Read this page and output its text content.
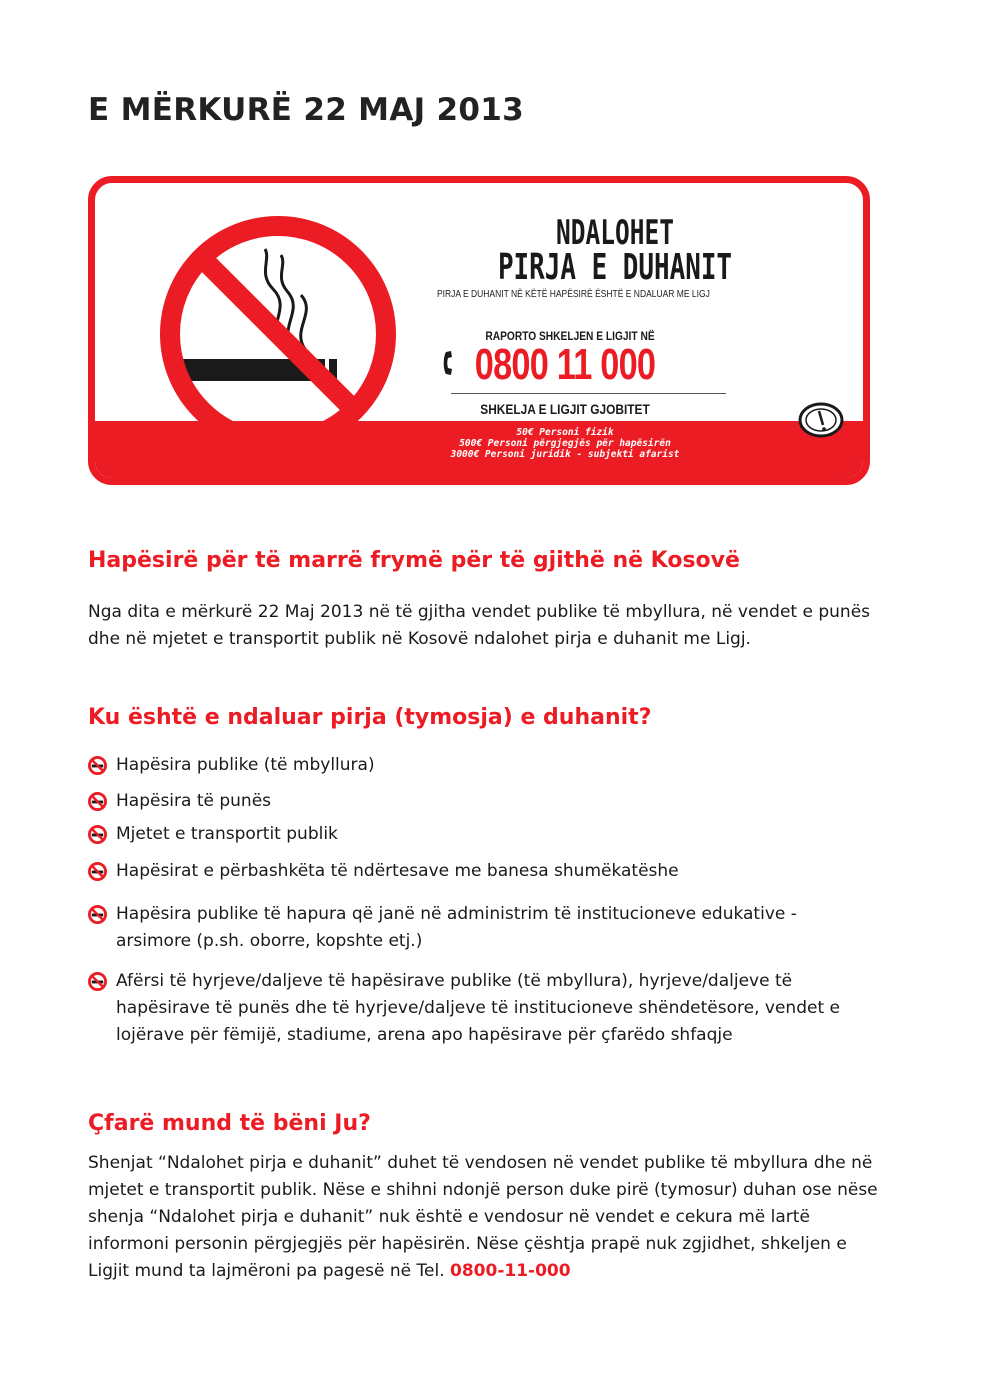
E MËRKURË 22 MAJ 2013
NDALOHET
PIRJA E DUHANIT
PIRJA E DUHANIT NË KËTË HAPËSIRË ËSHTË E NDALUAR ME LIGJ
RAPORTO SHKELJEN E LIGJIT NË
0800 11 000
SHKELJA E LIGJIT GJOBITET
50€ Personi fizik
500€ Personi përgjegjës për hapësirën
3000€ Personi juridik - subjekti afarist
Hapësirë për të marrë frymë për të gjithë në Kosovë
Nga dita e mërkurë 22 Maj 2013 në të gjitha vendet publike të mbyllura, në vendet e punës dhe në mjetet e transportit publik në Kosovë ndalohet pirja e duhanit me Ligj.
Ku është e ndaluar pirja (tymosja) e duhanit?
Hapësira publike (të mbyllura)
Hapësira të punës
Mjetet e transportit publik
Hapësirat e përbashkëta të ndërtesave me banesa shumëkatëshe
Hapësira publike të hapura që janë në administrim të institucioneve edukative - arsimore (p.sh. oborre, kopshte etj.)
Afërsi të hyrjeve/daljeve të hapësirave publike (të mbyllura), hyrjeve/daljeve të hapësirave të punës dhe të hyrjeve/daljeve të institucioneve shëndetësore, vendet e lojërave për fëmijë, stadiume, arena apo hapësirave për çfarëdo shfaqje
Çfarë mund të bëni Ju?
Shenjat “Ndalohet pirja e duhanit” duhet të vendosen në vendet publike të mbyllura dhe në mjetet e transportit publik. Nëse e shihni ndonjë person duke pirë (tymosur) duhan ose nëse shenja “Ndalohet pirja e duhanit” nuk është e vendosur në vendet e cekura më lartë informoni personin përgjegjës për hapësirën. Nëse çështja prapë nuk zgjidhet, shkeljen e Ligjit mund ta lajmëroni pa pagesë në Tel. 0800-11-000
